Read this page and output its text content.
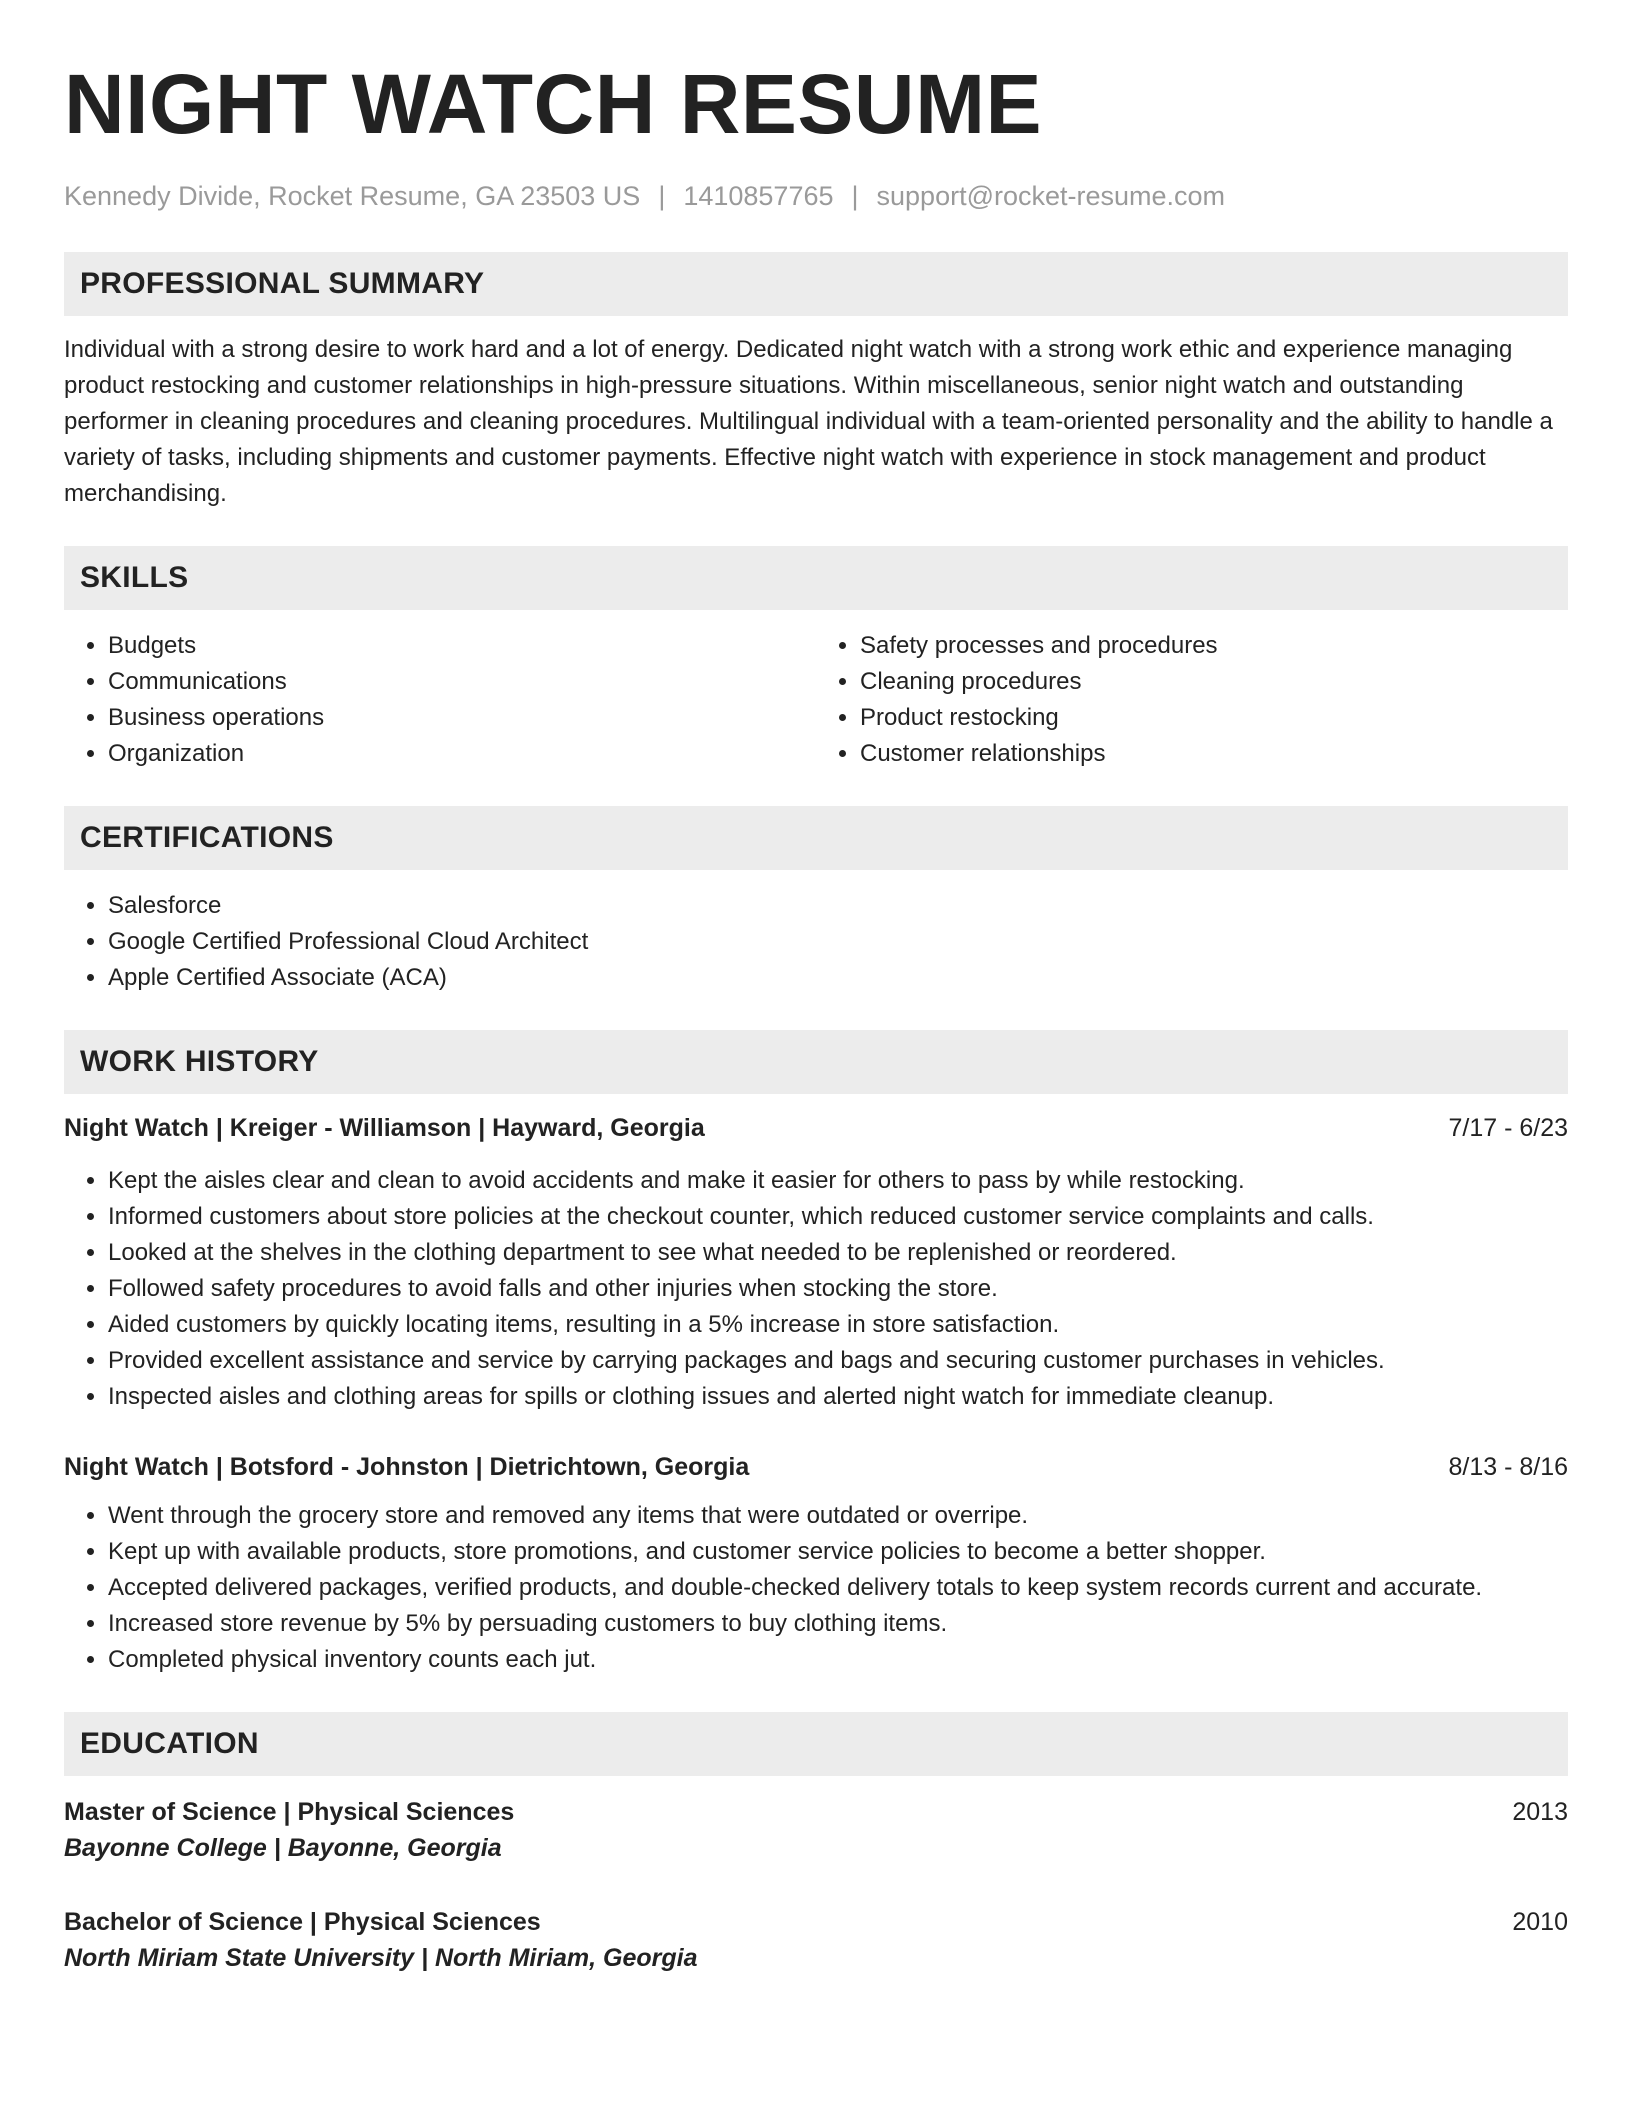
NIGHT WATCH RESUME
Kennedy Divide, Rocket Resume, GA 23503 US | 1410857765 | support@rocket-resume.com
PROFESSIONAL SUMMARY
Individual with a strong desire to work hard and a lot of energy. Dedicated night watch with a strong work ethic and experience managing product restocking and customer relationships in high-pressure situations. Within miscellaneous, senior night watch and outstanding performer in cleaning procedures and cleaning procedures. Multilingual individual with a team-oriented personality and the ability to handle a variety of tasks, including shipments and customer payments. Effective night watch with experience in stock management and product merchandising.
SKILLS
• Budgets
• Communications
• Business operations
• Organization
• Safety processes and procedures
• Cleaning procedures
• Product restocking
• Customer relationships
CERTIFICATIONS
• Salesforce
• Google Certified Professional Cloud Architect
• Apple Certified Associate (ACA)
WORK HISTORY
Night Watch | Kreiger - Williamson | Hayward, Georgia	7/17 - 6/23
• Kept the aisles clear and clean to avoid accidents and make it easier for others to pass by while restocking.
• Informed customers about store policies at the checkout counter, which reduced customer service complaints and calls.
• Looked at the shelves in the clothing department to see what needed to be replenished or reordered.
• Followed safety procedures to avoid falls and other injuries when stocking the store.
• Aided customers by quickly locating items, resulting in a 5% increase in store satisfaction.
• Provided excellent assistance and service by carrying packages and bags and securing customer purchases in vehicles.
• Inspected aisles and clothing areas for spills or clothing issues and alerted night watch for immediate cleanup.
Night Watch | Botsford - Johnston | Dietrichtown, Georgia	8/13 - 8/16
• Went through the grocery store and removed any items that were outdated or overripe.
• Kept up with available products, store promotions, and customer service policies to become a better shopper.
• Accepted delivered packages, verified products, and double-checked delivery totals to keep system records current and accurate.
• Increased store revenue by 5% by persuading customers to buy clothing items.
• Completed physical inventory counts each jut.
EDUCATION
Master of Science | Physical Sciences	2013
Bayonne College | Bayonne, Georgia
Bachelor of Science | Physical Sciences	2010
North Miriam State University | North Miriam, Georgia
